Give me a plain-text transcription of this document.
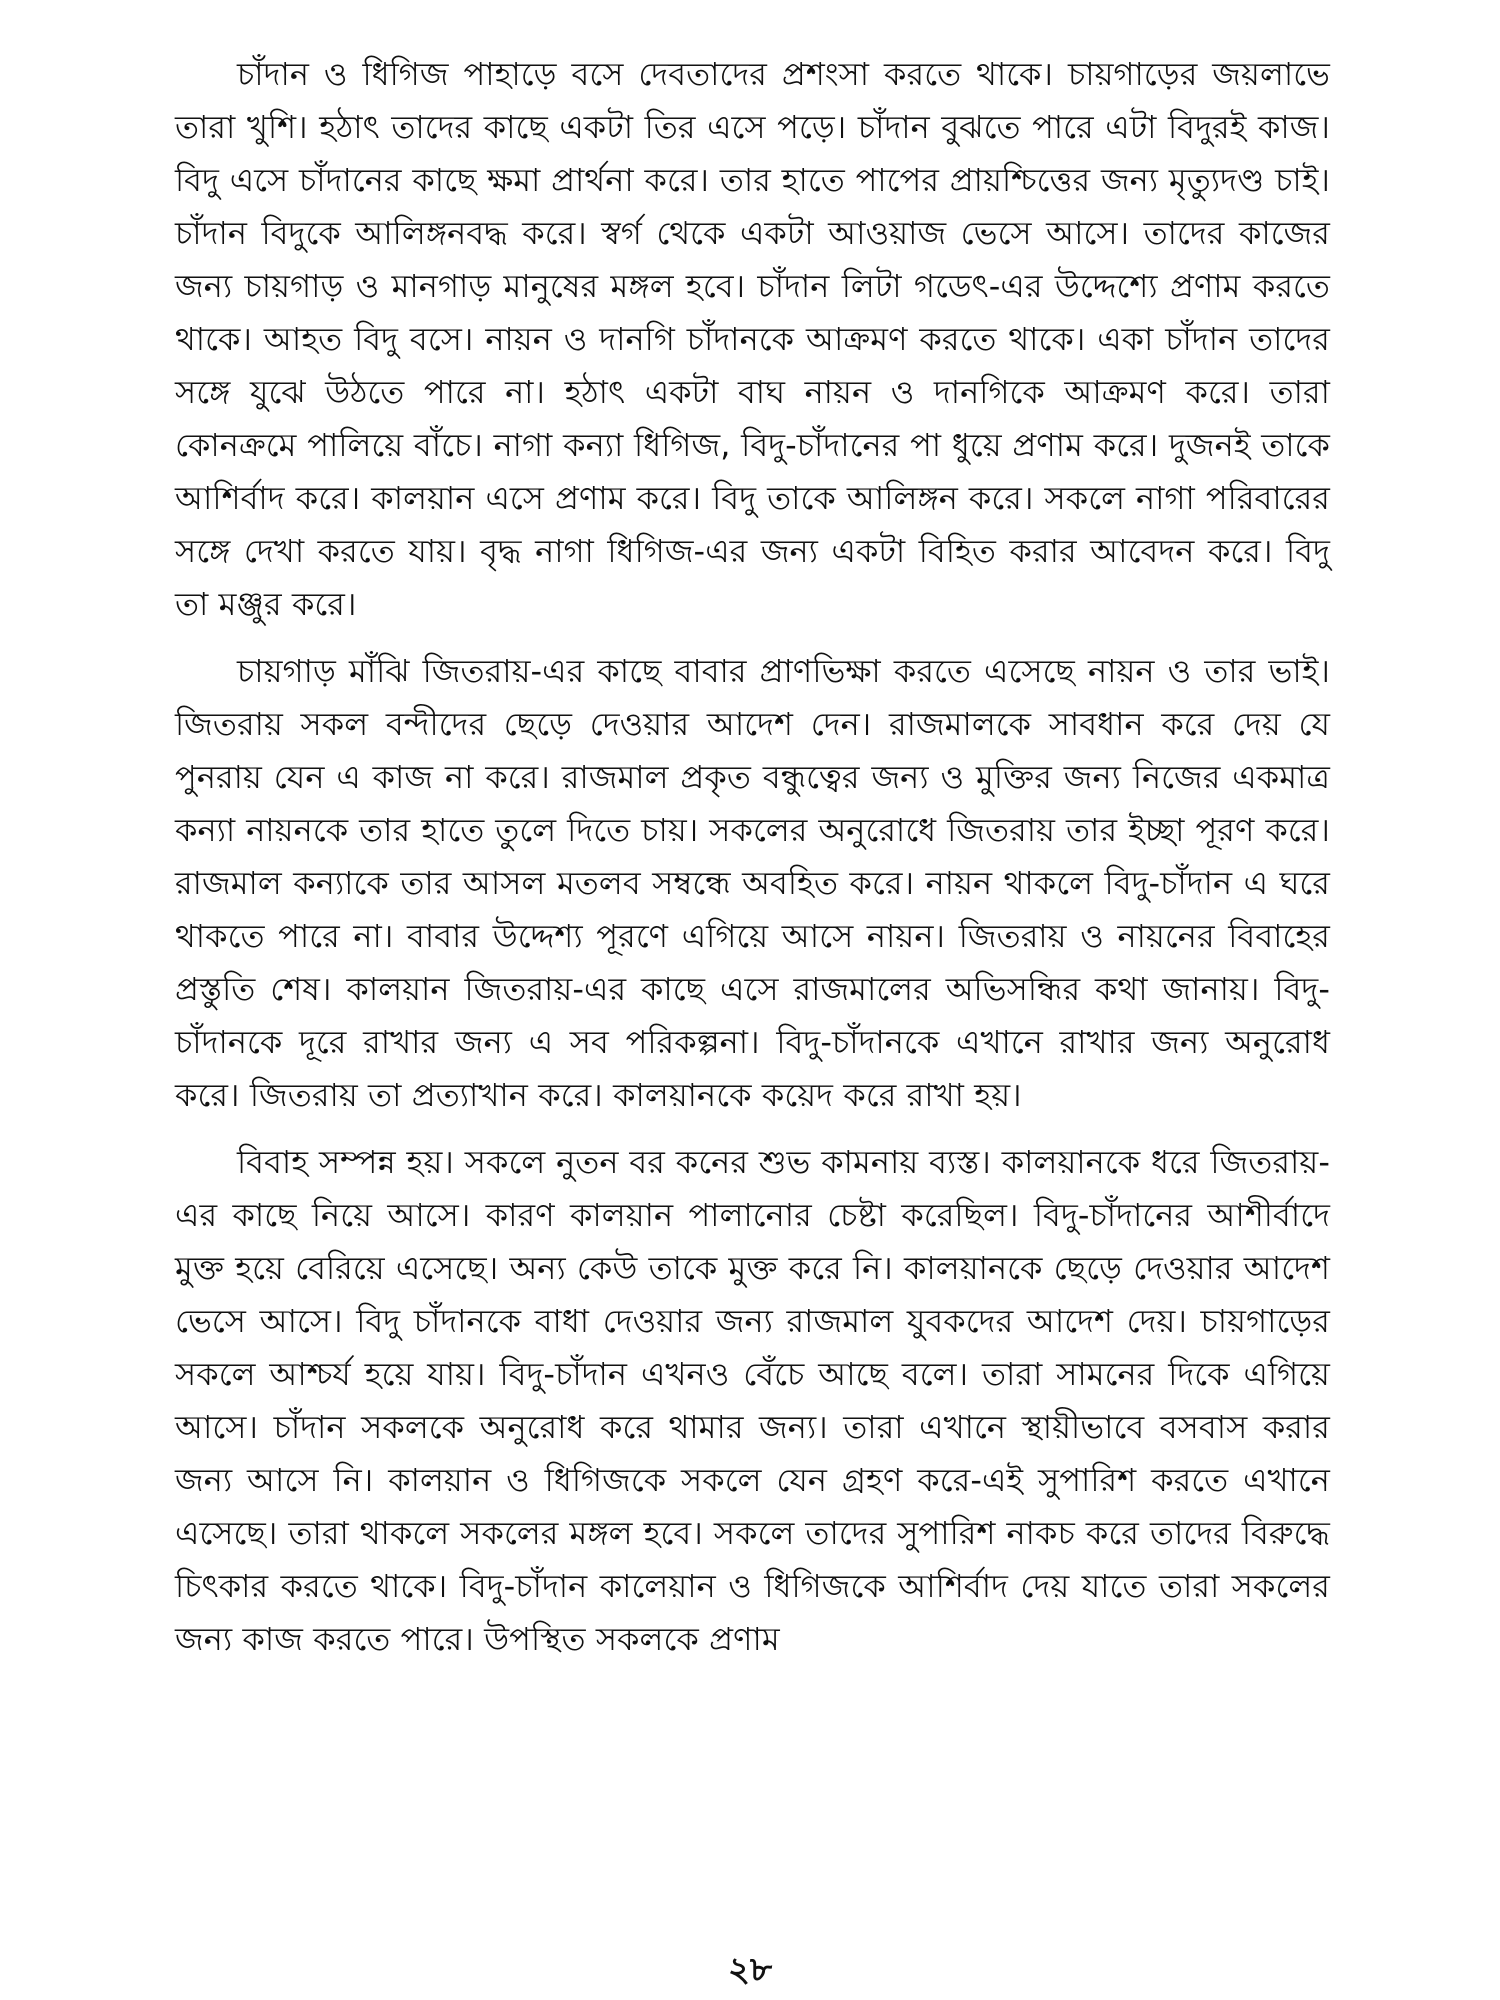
চাঁদান ও ধিগিজ পাহাড়ে বসে দেবতাদের প্রশংসা করতে থাকে। চায়গাড়ের জয়লাভে তারা খুশি। হঠাৎ তাদের কাছে একটা তির এসে পড়ে। চাঁদান বুঝতে পারে এটা বিদুরই কাজ। বিদু এসে চাঁদানের কাছে ক্ষমা প্রার্থনা করে। তার হাতে পাপের প্রায়শ্চিত্তের জন্য মৃত্যুদণ্ড চাই। চাঁদান বিদুকে আলিঙ্গনবদ্ধ করে। স্বর্গ থেকে একটা আওয়াজ ভেসে আসে। তাদের কাজের জন্য চায়গাড় ও মানগাড় মানুষের মঙ্গল হবে। চাঁদান লিটা গডেৎ-এর উদ্দেশ্যে প্রণাম করতে থাকে। আহত বিদু বসে। নায়ন ও দানগি চাঁদানকে আক্রমণ করতে থাকে। একা চাঁদান তাদের সঙ্গে যুঝে উঠতে পারে না। হঠাৎ একটা বাঘ নায়ন ও দানগিকে আক্রমণ করে। তারা কোনক্রমে পালিয়ে বাঁচে। নাগা কন্যা ধিগিজ, বিদু-চাঁদানের পা ধুয়ে প্রণাম করে। দুজনই তাকে আশির্বাদ করে। কালয়ান এসে প্রণাম করে। বিদু তাকে আলিঙ্গন করে। সকলে নাগা পরিবারের সঙ্গে দেখা করতে যায়। বৃদ্ধ নাগা ধিগিজ-এর জন্য একটা বিহিত করার আবেদন করে। বিদু তা মঞ্জুর করে।

চায়গাড় মাঁঝি জিতরায়-এর কাছে বাবার প্রাণভিক্ষা করতে এসেছে নায়ন ও তার ভাই। জিতরায় সকল বন্দীদের ছেড়ে দেওয়ার আদেশ দেন। রাজমালকে সাবধান করে দেয় যে পুনরায় যেন এ কাজ না করে। রাজমাল প্রকৃত বন্ধুত্বের জন্য ও মুক্তির জন্য নিজের একমাত্র কন্যা নায়নকে তার হাতে তুলে দিতে চায়। সকলের অনুরোধে জিতরায় তার ইচ্ছা পূরণ করে। রাজমাল কন্যাকে তার আসল মতলব সম্বন্ধে অবহিত করে। নায়ন থাকলে বিদু-চাঁদান এ ঘরে থাকতে পারে না। বাবার উদ্দেশ্য পূরণে এগিয়ে আসে নায়ন। জিতরায় ও নায়নের বিবাহের প্রস্তুতি শেষ। কালয়ান জিতরায়-এর কাছে এসে রাজমালের অভিসন্ধির কথা জানায়। বিদু-চাঁদানকে দূরে রাখার জন্য এ সব পরিকল্পনা। বিদু-চাঁদানকে এখানে রাখার জন্য অনুরোধ করে। জিতরায় তা প্রত্যাখান করে। কালয়ানকে কয়েদ করে রাখা হয়।

বিবাহ সম্পন্ন হয়। সকলে নুতন বর কনের শুভ কামনায় ব্যস্ত। কালয়ানকে ধরে জিতরায়-এর কাছে নিয়ে আসে। কারণ কালয়ান পালানোর চেষ্টা করেছিল। বিদু-চাঁদানের আশীর্বাদে মুক্ত হয়ে বেরিয়ে এসেছে। অন্য কেউ তাকে মুক্ত করে নি। কালয়ানকে ছেড়ে দেওয়ার আদেশ ভেসে আসে। বিদু চাঁদানকে বাধা দেওয়ার জন্য রাজমাল যুবকদের আদেশ দেয়। চায়গাড়ের সকলে আশ্চর্য হয়ে যায়। বিদু-চাঁদান এখনও বেঁচে আছে বলে। তারা সামনের দিকে এগিয়ে আসে। চাঁদান সকলকে অনুরোধ করে থামার জন্য। তারা এখানে স্থায়ীভাবে বসবাস করার জন্য আসে নি। কালয়ান ও ধিগিজকে সকলে যেন গ্রহণ করে-এই সুপারিশ করতে এখানে এসেছে। তারা থাকলে সকলের মঙ্গল হবে। সকলে তাদের সুপারিশ নাকচ করে তাদের বিরুদ্ধে চিৎকার করতে থাকে। বিদু-চাঁদান কালেয়ান ও ধিগিজকে আশির্বাদ দেয় যাতে তারা সকলের জন্য কাজ করতে পারে। উপস্থিত সকলকে প্রণাম

২৮
